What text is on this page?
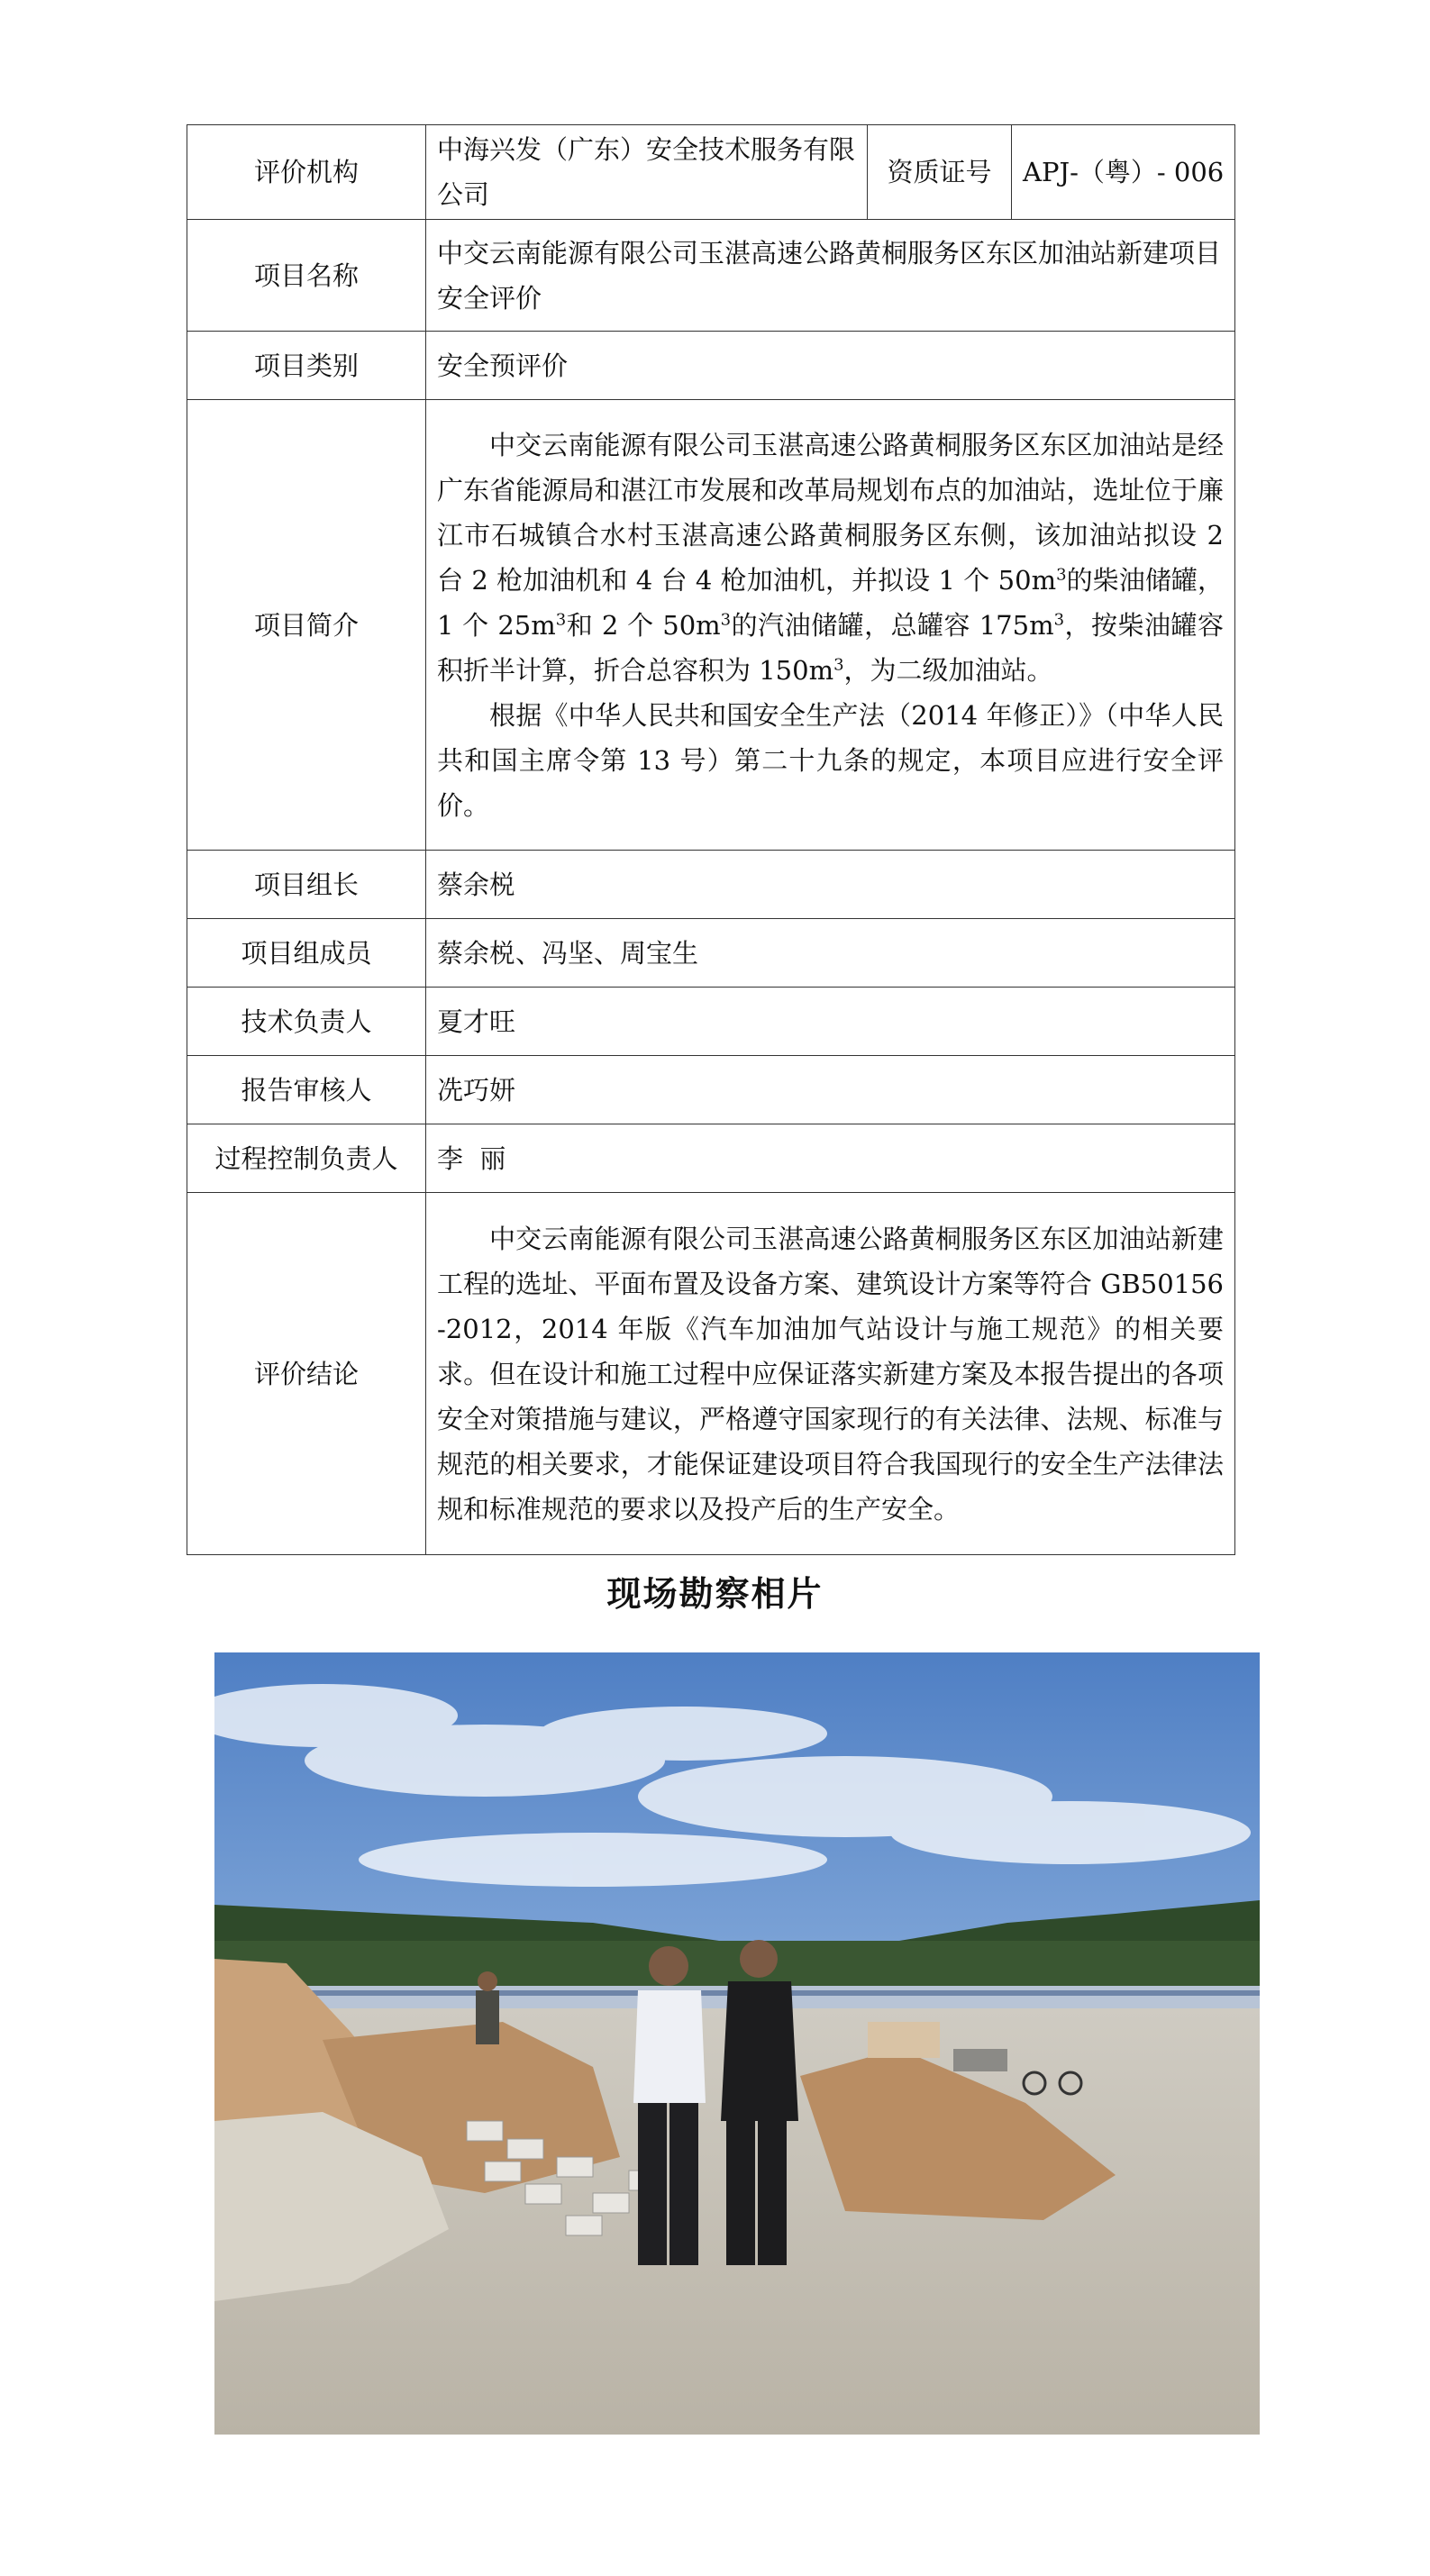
评价机构	中海兴发（广东）安全技术服务有限公司	资质证号	APJ-（粤）- 006
项目名称	中交云南能源有限公司玉湛高速公路黄桐服务区东区加油站新建项目安全评价		
项目类别	安全预评价		
项目简介	中交云南能源有限公司玉湛高速公路黄桐服务区东区加油站是经广东省能源局和湛江市发展和改革局规划布点的加油站，选址位于廉江市石城镇合水村玉湛高速公路黄桐服务区东侧，该加油站拟设 2 台 2 枪加油机和 4 台 4 枪加油机，并拟设 1 个 $50m^3$的柴油储罐，1 个 $25m^3$和 2 个 $50m^3$的汽油储罐，总罐容 $175m^3$，按柴油罐容积折半计算，折合总容积为 $150m^3$，为二级加油站。

根据《中华人民共和国安全生产法（2014 年修正）》（中华人民共和国主席令第 13 号）第二十九条的规定，本项目应进行安全评价。		

项目组长	蔡余棁		
项目组成员	蔡余棁、冯坚、周宝生		
技术负责人	夏才旺		
报告审核人	冼巧妍		
过程控制负责人	李  丽		
评价结论	中交云南能源有限公司玉湛高速公路黄桐服务区东区加油站新建工程的选址、平面布置及设备方案、建筑设计方案等符合 GB50156-2012，2014 年版《汽车加油加气站设计与施工规范》的相关要求。但在设计和施工过程中应保证落实新建方案及本报告提出的各项安全对策措施与建议，严格遵守国家现行的有关法律、法规、标准与规范的相关要求，才能保证建设项目符合我国现行的安全生产法律法规和标准规范的要求以及投产后的生产安全。		

现场勘察相片
